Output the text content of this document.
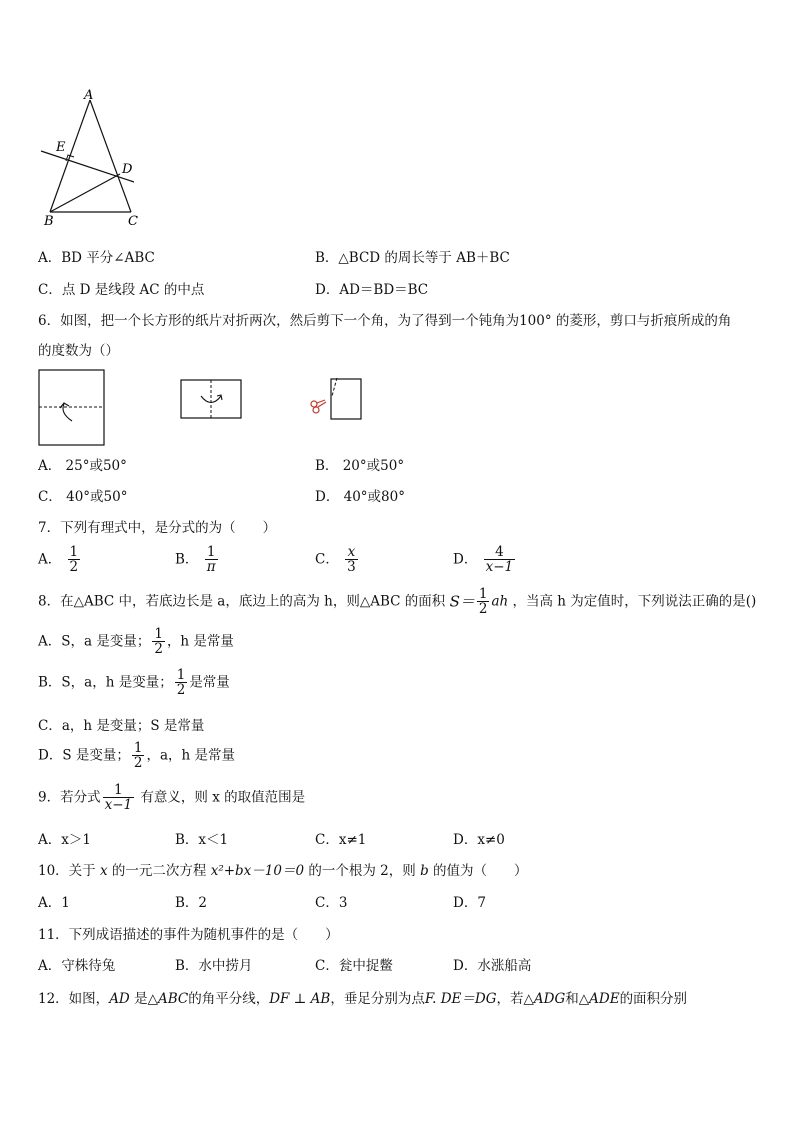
A
E
D
B	C
A．BD 平分∠ABC	B．△BCD 的周长等于 AB＋BC
C．点 D 是线段 AC 的中点	D．AD＝BD＝BC
6．如图，把一个长方形的纸片对折两次，然后剪下一个角，为了得到一个钝角为100° 的菱形，剪口与折痕所成的角
的度数为（）
A． 25°或50°	B． 20°或50°
C． 40°或50°	D． 40°或80°
7．下列有理式中，是分式的为（　　）
A． $\frac{1}{2}$	B． $\frac{1}{\pi}$	C． $\frac{x}{3}$	D． $\frac{4}{x-1}$
8．在△ABC 中，若底边长是 a，底边上的高为 h，则△ABC 的面积 $S= \frac{1}{2}$ ah ，当高 h 为定值时，下列说法正确的是()
A．S，a 是变量； $\frac{1}{2}$ ，h 是常量
B．S，a，h 是变量； $\frac{1}{2}$ 是常量
C．a，h 是变量；S 是常量
D．S 是变量； $\frac{1}{2}$ ，a，h 是常量
9．若分式 $\frac{1}{x-1}$ 有意义，则 x 的取值范围是
A．x＞1	B．x＜1	C．x≠1	D．x≠0
10．关于 x 的一元二次方程 x²+bx－10＝0 的一个根为 2，则 b 的值为（　　）
A．1	B．2	C．3	D．7
11．下列成语描述的事件为随机事件的是（　　）
A．守株待兔	B．水中捞月	C．瓮中捉鳖	D．水涨船高
12．如图，AD 是△ABC的角平分线，DF ⊥ AB，垂足分别为点F. DE＝DG，若△ADG和△ADE的面积分别
